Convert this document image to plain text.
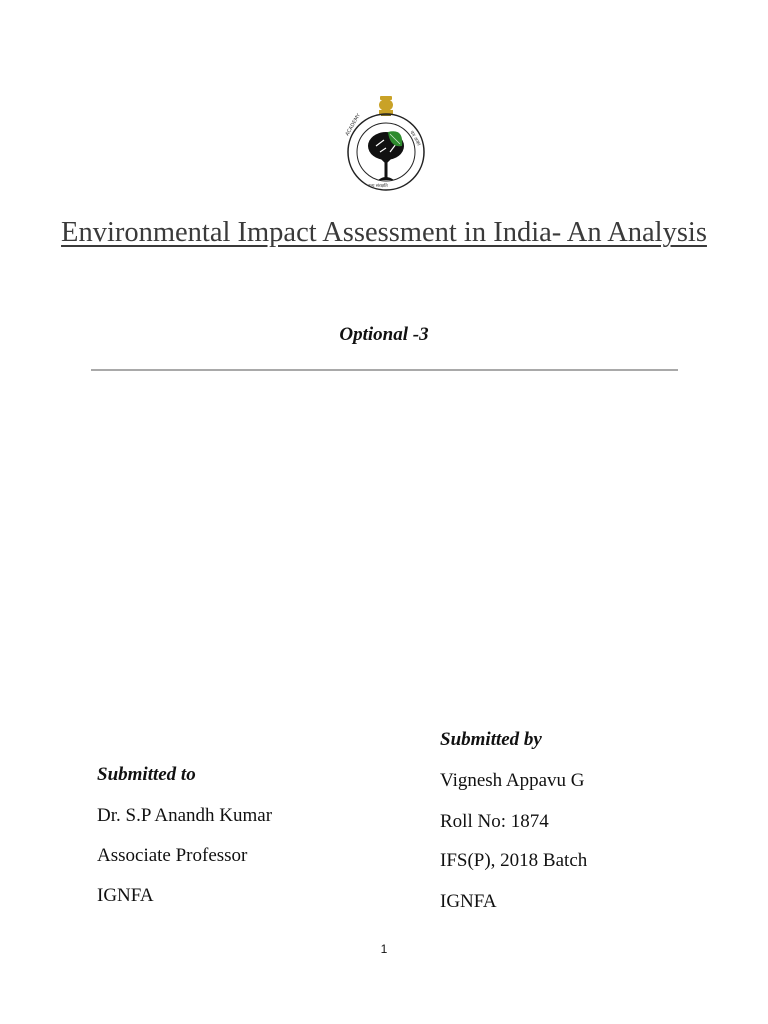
ACADEMY
वन अका
वन्‍य संरक्षति
Environmental Impact Assessment in India- An Analysis
Optional -3
Submitted to
Dr. S.P Anandh Kumar
Associate Professor
IGNFA
Submitted by
Vignesh Appavu G
Roll No: 1874
IFS(P), 2018 Batch
IGNFA
1
